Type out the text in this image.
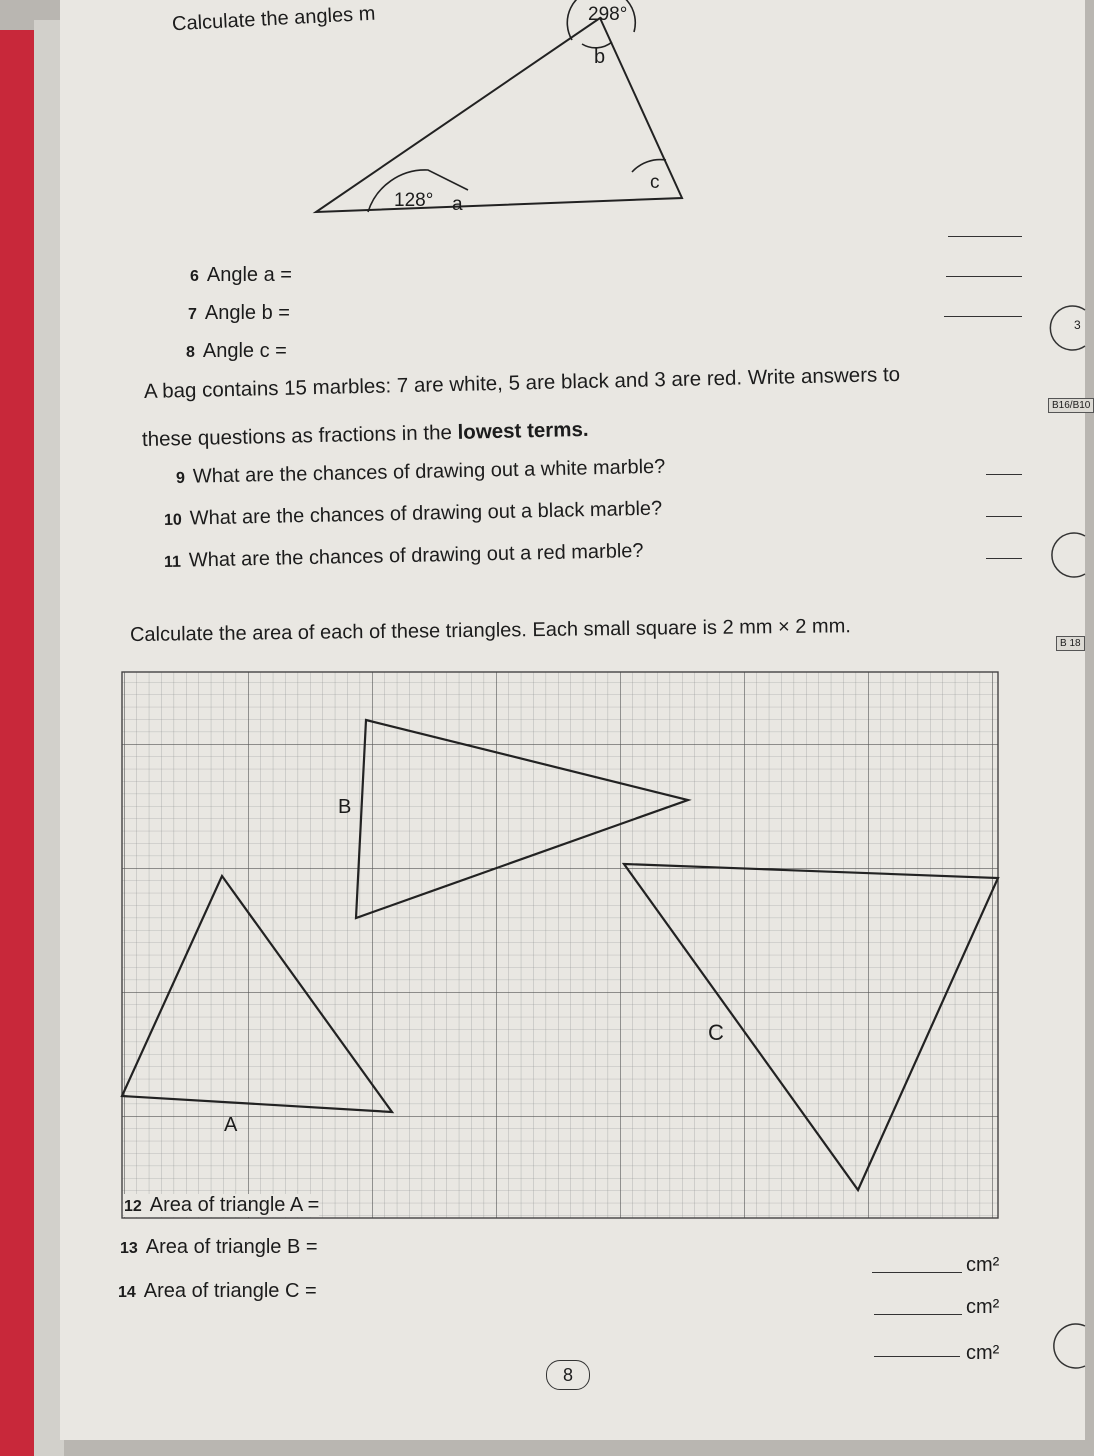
Calculate the angles m	298°
b
128° a
c
6 Angle a =
7 Angle b =
8 Angle c =
A bag contains 15 marbles: 7 are white, 5 are black and 3 are red. Write answers to
these questions as fractions in the lowest terms.
9 What are the chances of drawing out a white marble?
10 What are the chances of drawing out a black marble?
11 What are the chances of drawing out a red marble?
Calculate the area of each of these triangles. Each small square is 2 mm × 2 mm.
B
A
C
12 Area of triangle A =
13 Area of triangle B =
14 Area of triangle C =
cm²
cm²
cm²
B16/B10
B 18
3
8
